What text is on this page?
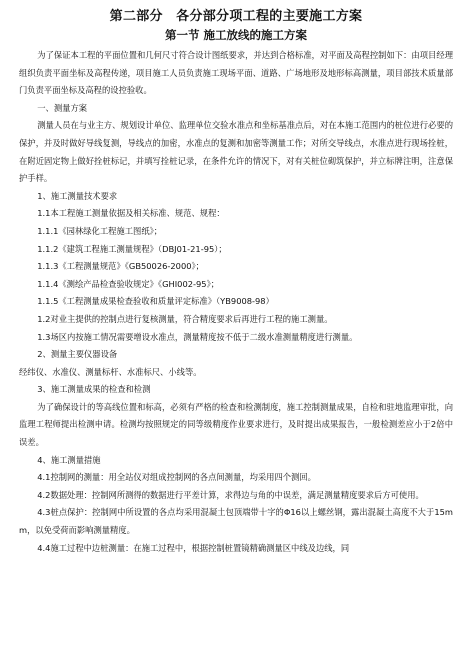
第二部分　各分部分项工程的主要施工方案
第一节 施工放线的施工方案

为了保证本工程的平面位置和几何尺寸符合设计图纸要求，并达到合格标准，对平面及高程控制如下：由项目经理组织负责平面坐标及高程传递，项目施工人员负责施工现场平面、道路、广场地形及地形标高测量，项目部技术质量部门负责平面坐标及高程的设控验收。

一、测量方案

测量人员在与业主方、规划设计单位、监理单位交验水准点和坐标基准点后，对在本施工范围内的桩位进行必要的保护，并及时做好导线复测，导线点的加密，水准点的复测和加密等测量工作；对所交导线点，水准点进行现场拴桩，在附近固定物上做好拴桩标记，并填写拴桩记录，在条件允许的情况下，对有关桩位砌筑保护，并立标牌注明，注意保护手样。

1、施工测量技术要求

1.1本工程施工测量依据及相关标准、规范、规程：

1.1.1《园林绿化工程施工图纸》；

1.1.2《建筑工程施工测量规程》（DBJ01-21-95）；

1.1.3《工程测量规范》《GB50026-2000》；

1.1.4《测绘产品检查验收规定》《GHI002-95》；

1.1.5《工程测量成果检查验收和质量评定标准》（YB9008-98）

1.2对业主提供的控制点进行复核测量，符合精度要求后再进行工程的施工测量。

1.3场区内按施工情况需要增设水准点，测量精度按不低于二级水准测量精度进行测量。

2、测量主要仪器设备

经纬仪、水准仪、测量标杆、水准标尺、小线等。

3、施工测量成果的检查和检测

为了确保设计的等高线位置和标高，必须有严格的检查和检测制度，施工控制测量成果，自检和驻地监理审批，向监理工程师提出检测申请。检测均按照规定的同等级精度作业要求进行，及时提出成果报告，一般检测差应小于2倍中误差。

4、施工测量措施

4.1控制网的测量：用全站仪对组成控制网的各点间测量，均采用四个测回。

4.2数据处理：控制网所测得的数据进行平差计算，求得边与角的中误差，满足测量精度要求后方可使用。

4.3桩点保护：控制网中所设置的各点均采用混凝土包顶端带十字的Φ16以上螺丝钢，露出混凝土高度不大于15mm，以免受荷而影响测量精度。

4.4施工过程中边桩测量：在施工过程中，根据控制桩置镜精确测量区中线及边线，同
